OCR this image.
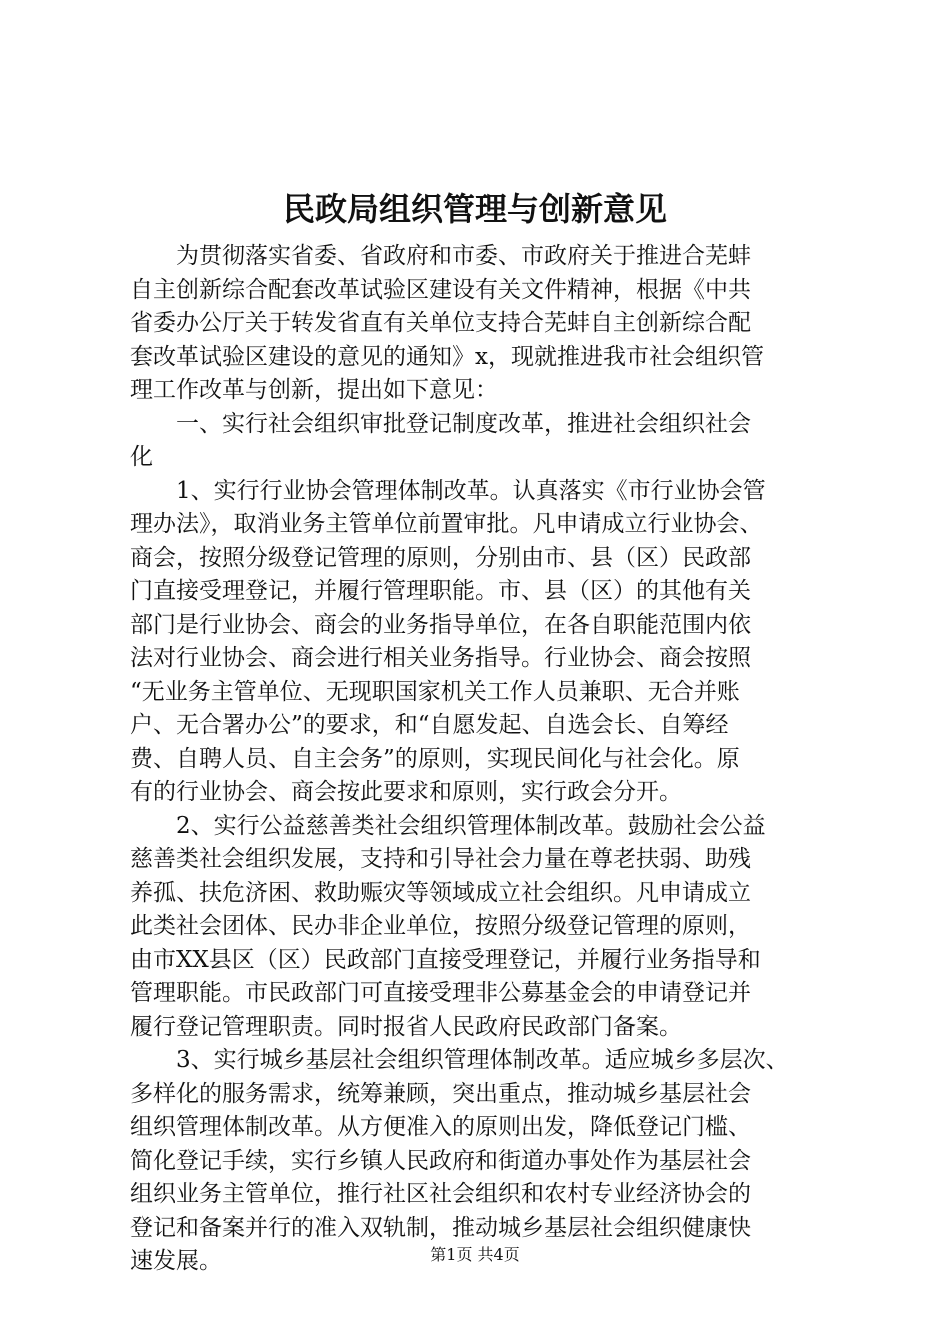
民政局组织管理与创新意见
　　为贯彻落实省委、省政府和市委、市政府关于推进合芜蚌
自主创新综合配套改革试验区建设有关文件精神，根据《中共
省委办公厅关于转发省直有关单位支持合芜蚌自主创新综合配
套改革试验区建设的意见的通知》x，现就推进我市社会组织管
理工作改革与创新，提出如下意见：
　　一、实行社会组织审批登记制度改革，推进社会组织社会
化
　　1、实行行业协会管理体制改革。认真落实《市行业协会管
理办法》，取消业务主管单位前置审批。凡申请成立行业协会、
商会，按照分级登记管理的原则，分别由市、县（区）民政部
门直接受理登记，并履行管理职能。市、县（区）的其他有关
部门是行业协会、商会的业务指导单位，在各自职能范围内依
法对行业协会、商会进行相关业务指导。行业协会、商会按照
“无业务主管单位、无现职国家机关工作人员兼职、无合并账
户、无合署办公”的要求，和“自愿发起、自选会长、自筹经
费、自聘人员、自主会务”的原则，实现民间化与社会化。原
有的行业协会、商会按此要求和原则，实行政会分开。
　　2、实行公益慈善类社会组织管理体制改革。鼓励社会公益
慈善类社会组织发展，支持和引导社会力量在尊老扶弱、助残
养孤、扶危济困、救助赈灾等领域成立社会组织。凡申请成立
此类社会团体、民办非企业单位，按照分级登记管理的原则，
由市XX县区（区）民政部门直接受理登记，并履行业务指导和
管理职能。市民政部门可直接受理非公募基金会的申请登记并
履行登记管理职责。同时报省人民政府民政部门备案。
　　3、实行城乡基层社会组织管理体制改革。适应城乡多层次、
多样化的服务需求，统筹兼顾，突出重点，推动城乡基层社会
组织管理体制改革。从方便准入的原则出发，降低登记门槛、
简化登记手续，实行乡镇人民政府和街道办事处作为基层社会
组织业务主管单位，推行社区社会组织和农村专业经济协会的
登记和备案并行的准入双轨制，推动城乡基层社会组织健康快
速发展。	第1页 共4页
